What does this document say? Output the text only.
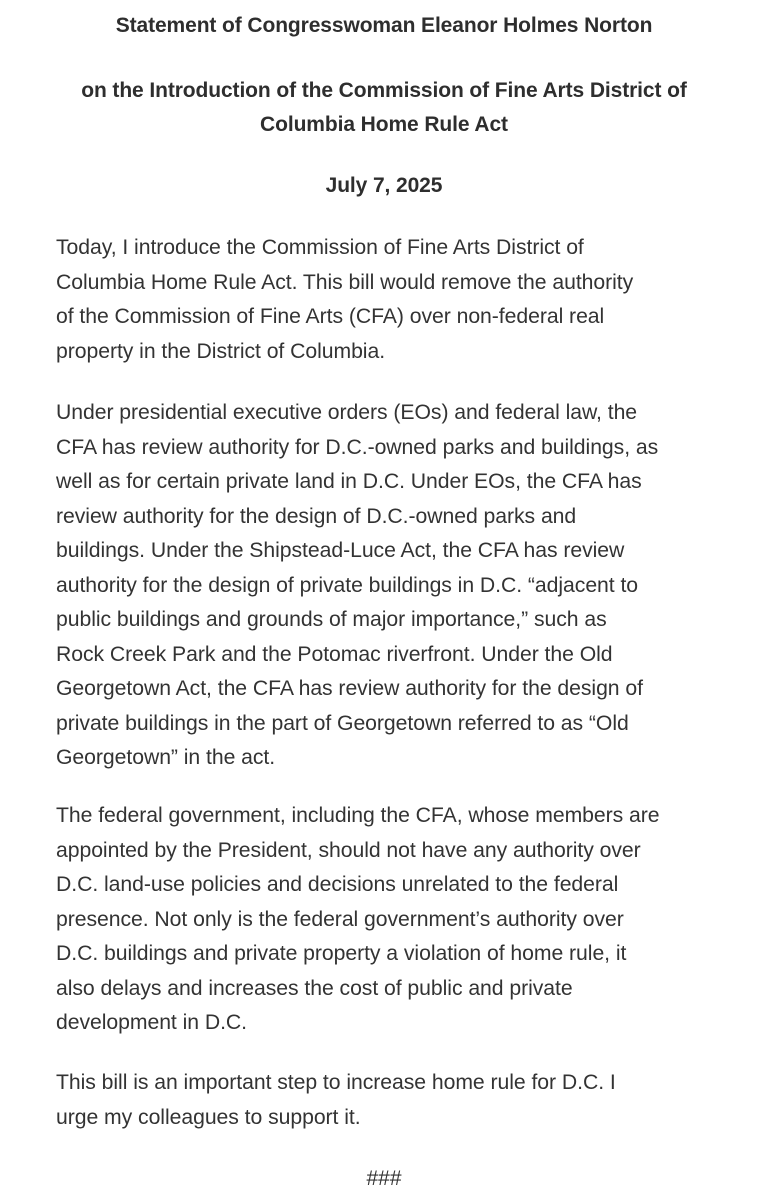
Statement of Congresswoman Eleanor Holmes Norton
on the Introduction of the Commission of Fine Arts District of
Columbia Home Rule Act
July 7, 2025
Today, I introduce the Commission of Fine Arts District of
Columbia Home Rule Act. This bill would remove the authority
of the Commission of Fine Arts (CFA) over non-federal real
property in the District of Columbia.
Under presidential executive orders (EOs) and federal law, the
CFA has review authority for D.C.-owned parks and buildings, as
well as for certain private land in D.C. Under EOs, the CFA has
review authority for the design of D.C.-owned parks and
buildings. Under the Shipstead-Luce Act, the CFA has review
authority for the design of private buildings in D.C. “adjacent to
public buildings and grounds of major importance,” such as
Rock Creek Park and the Potomac riverfront. Under the Old
Georgetown Act, the CFA has review authority for the design of
private buildings in the part of Georgetown referred to as “Old
Georgetown” in the act.
The federal government, including the CFA, whose members are
appointed by the President, should not have any authority over
D.C. land-use policies and decisions unrelated to the federal
presence. Not only is the federal government’s authority over
D.C. buildings and private property a violation of home rule, it
also delays and increases the cost of public and private
development in D.C.
This bill is an important step to increase home rule for D.C. I
urge my colleagues to support it.
###
